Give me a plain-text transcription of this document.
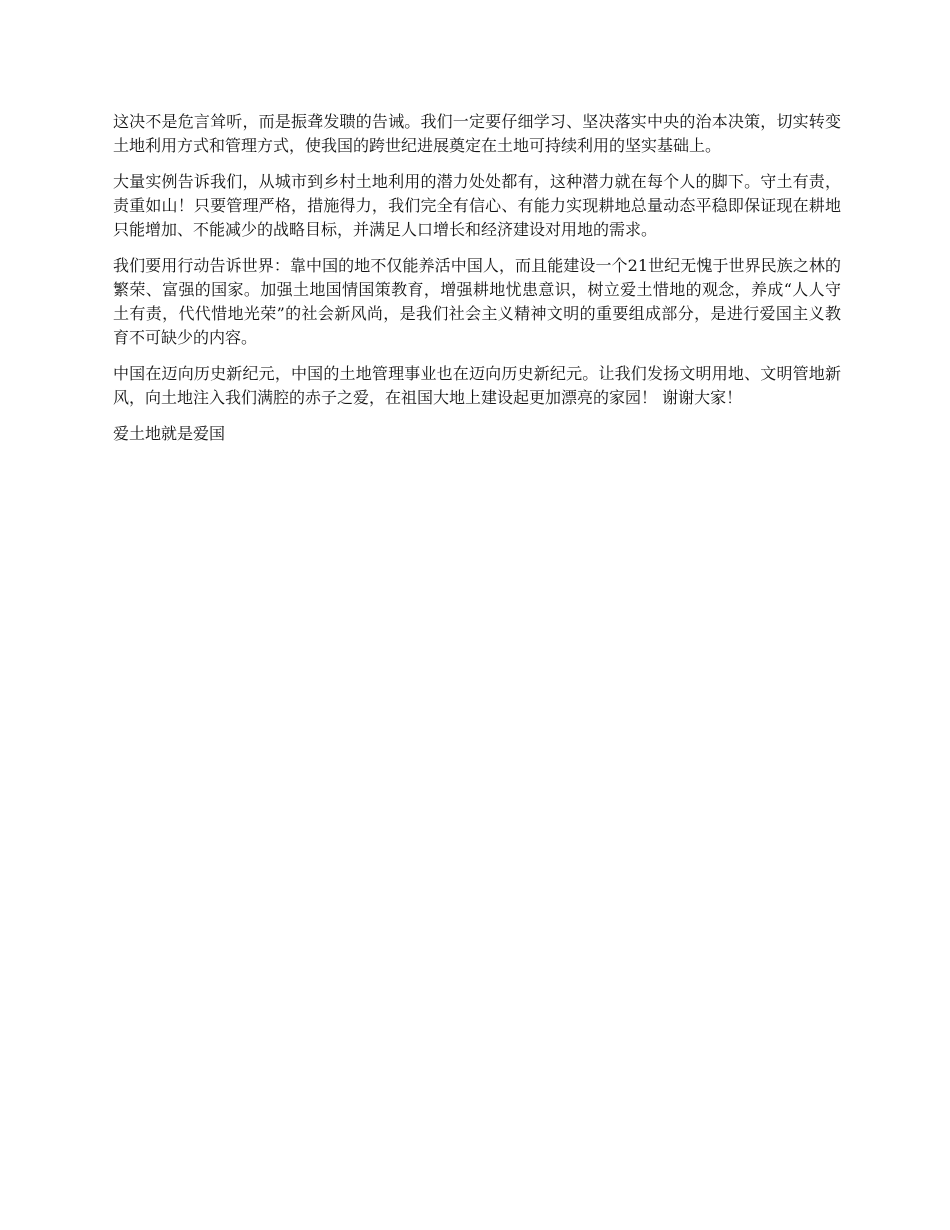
这决不是危言耸听，而是振聋发聩的告诫。我们一定要仔细学习、坚决落实中央的治本决策，切实转变土地利用方式和管理方式，使我国的跨世纪进展奠定在土地可持续利用的坚实基础上。

大量实例告诉我们，从城市到乡村土地利用的潜力处处都有，这种潜力就在每个人的脚下。守土有责，责重如山！只要管理严格，措施得力，我们完全有信心、有能力实现耕地总量动态平稳即保证现在耕地只能增加、不能减少的战略目标，并满足人口增长和经济建设对用地的需求。

我们要用行动告诉世界：靠中国的地不仅能养活中国人，而且能建设一个21世纪无愧于世界民族之林的繁荣、富强的国家。加强土地国情国策教育，增强耕地忧患意识，树立爱土惜地的观念，养成“人人守土有责，代代惜地光荣”的社会新风尚，是我们社会主义精神文明的重要组成部分，是进行爱国主义教育不可缺少的内容。

中国在迈向历史新纪元，中国的土地管理事业也在迈向历史新纪元。让我们发扬文明用地、文明管地新风，向土地注入我们满腔的赤子之爱，在祖国大地上建设起更加漂亮的家园！ 谢谢大家！

爱土地就是爱国
